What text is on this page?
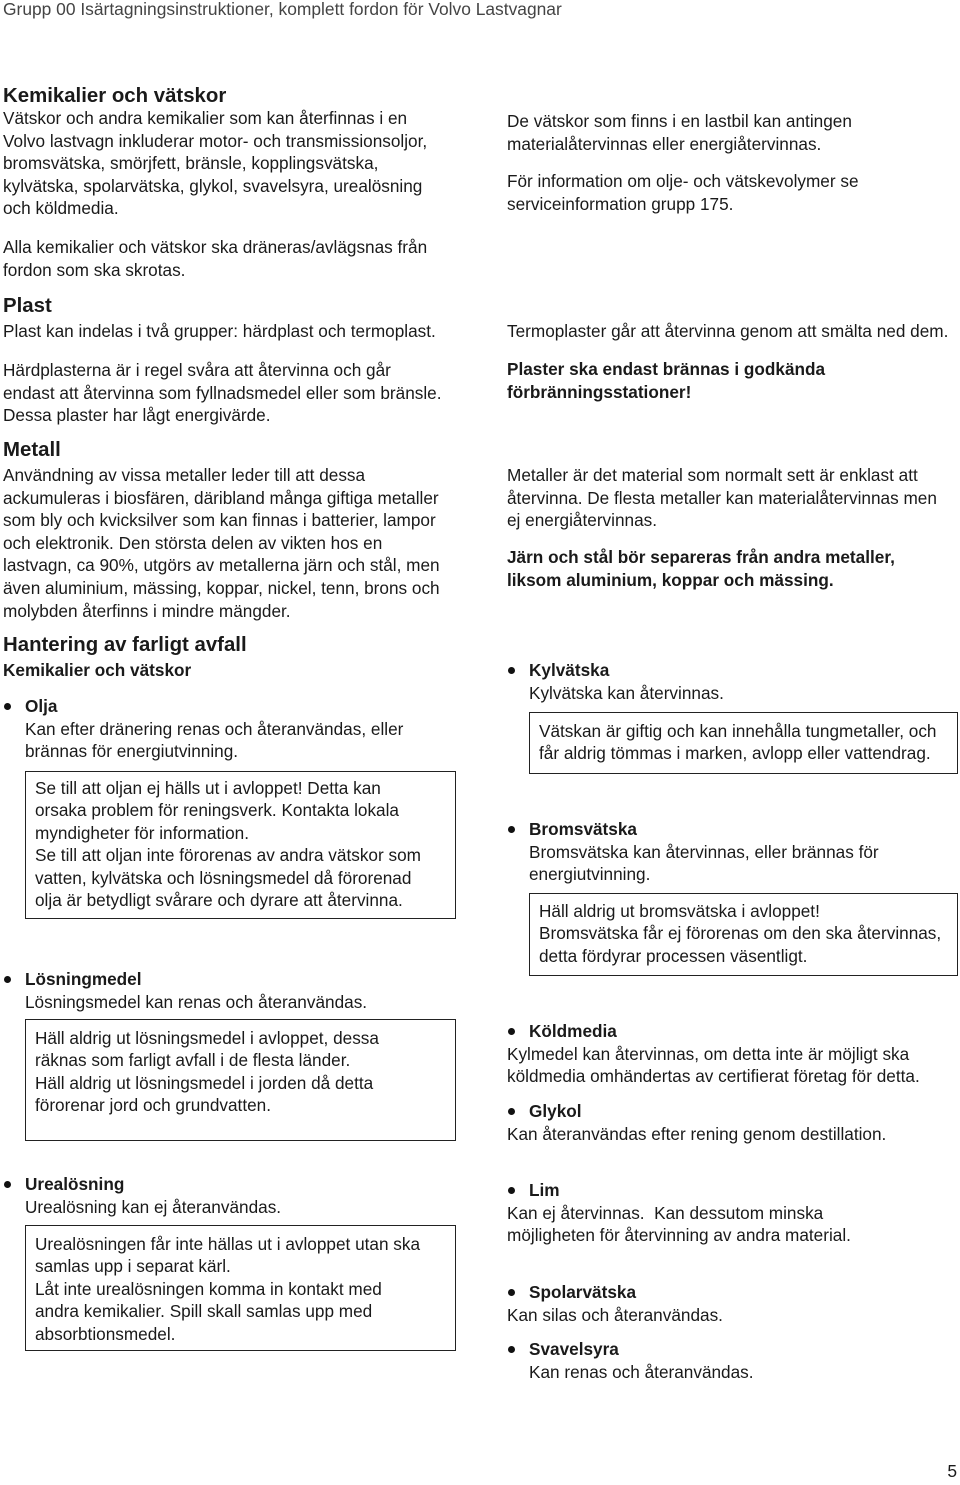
Grupp 00 Isärtagningsinstruktioner, komplett fordon för Volvo Lastvagnar
Kemikalier och vätskor
Vätskor och andra kemikalier som kan återfinnas i en
Volvo lastvagn inkluderar motor- och transmissionsoljor,
bromsvätska, smörjfett, bränsle, kopplingsvätska,
kylvätska, spolarvätska, glykol, svavelsyra, urealösning
och köldmedia.
Alla kemikalier och vätskor ska dräneras/avlägsnas från
fordon som ska skrotas.
Plast
Plast kan indelas i två grupper: härdplast och termoplast.
Härdplasterna är i regel svåra att återvinna och går
endast att återvinna som fyllnadsmedel eller som bränsle.
Dessa plaster har lågt energivärde.
Metall
Användning av vissa metaller leder till att dessa
ackumuleras i biosfären, däribland många giftiga metaller
som bly och kvicksilver som kan finnas i batterier, lampor
och elektronik. Den största delen av vikten hos en
lastvagn, ca 90%, utgörs av metallerna järn och stål, men
även aluminium, mässing, koppar, nickel, tenn, brons och
molybden återfinns i mindre mängder.
Hantering av farligt avfall
Kemikalier och vätskor
Olja
Kan efter dränering renas och återanvändas, eller
brännas för energiutvinning.
Se till att oljan ej hälls ut i avloppet! Detta kan
orsaka problem för reningsverk. Kontakta lokala
myndigheter för information.
Se till att oljan inte förorenas av andra vätskor som
vatten, kylvätska och lösningsmedel då förorenad
olja är betydligt svårare och dyrare att återvinna.
Lösningmedel
Lösningsmedel kan renas och återanvändas.
Häll aldrig ut lösningsmedel i avloppet, dessa
räknas som farligt avfall i de flesta länder.
Häll aldrig ut lösningsmedel i jorden då detta
förorenar jord och grundvatten.
Urealösning
Urealösning kan ej återanvändas.
Urealösningen får inte hällas ut i avloppet utan ska
samlas upp i separat kärl.
Låt inte urealösningen komma in kontakt med
andra kemikalier. Spill skall samlas upp med
absorbtionsmedel.
De vätskor som finns i en lastbil kan antingen
materialåtervinnas eller energiåtervinnas.
För information om olje- och vätskevolymer se
serviceinformation grupp 175.
Termoplaster går att återvinna genom att smälta ned dem.
Plaster ska endast brännas i godkända
förbränningsstationer!
Metaller är det material som normalt sett är enklast att
återvinna. De flesta metaller kan materialåtervinnas men
ej energiåtervinnas.
Järn och stål bör separeras från andra metaller,
liksom aluminium, koppar och mässing.
Kylvätska
Kylvätska kan återvinnas.
Vätskan är giftig och kan innehålla tungmetaller, och
får aldrig tömmas i marken, avlopp eller vattendrag.
Bromsvätska
Bromsvätska kan återvinnas, eller brännas för
energiutvinning.
Häll aldrig ut bromsvätska i avloppet!
Bromsvätska får ej förorenas om den ska återvinnas,
detta fördyrar processen väsentligt.
Köldmedia
Kylmedel kan återvinnas, om detta inte är möjligt ska
köldmedia omhändertas av certifierat företag för detta.
Glykol
Kan återanvändas efter rening genom destillation.
Lim
Kan ej återvinnas.  Kan dessutom minska
möjligheten för återvinning av andra material.
Spolarvätska
Kan silas och återanvändas.
Svavelsyra
Kan renas och återanvändas.
5
